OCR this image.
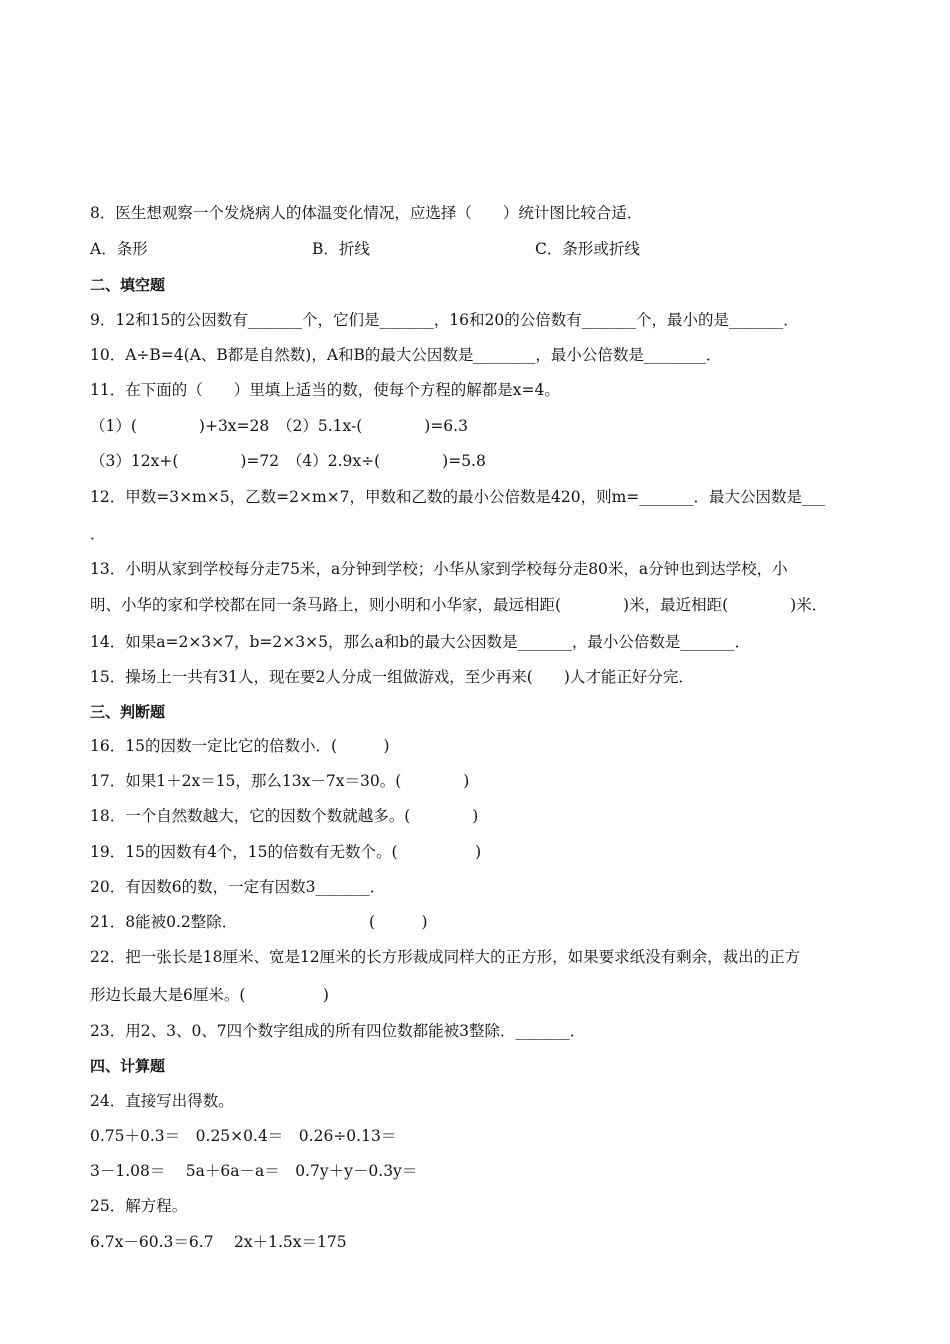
8．医生想观察一个发烧病人的体温变化情况，应选择（　　）统计图比较合适．
A．条形	B．折线	C．条形或折线
二、填空题
9．12和15的公因数有_______个，它们是_______，16和20的公倍数有_______个，最小的是_______．
10．A÷B=4(A、B都是自然数)，A和B的最大公因数是________，最小公倍数是________．
11．在下面的（　　）里填上适当的数，使每个方程的解都是x=4。
（1）(　　　　)+3x=28　（2）5.1x-(　　　　)=6.3
（3）12x+(　　　　)=72　（4）2.9x÷(　　　　)=5.8
12．甲数=3×m×5，乙数=2×m×7，甲数和乙数的最小公倍数是420，则m=_______．最大公因数是___
．
13．小明从家到学校每分走75米，a分钟到学校；小华从家到学校每分走80米，a分钟也到达学校，小
明、小华的家和学校都在同一条马路上，则小明和小华家，最远相距(　　　　)米，最近相距(　　　　)米．
14．如果a=2×3×7，b=2×3×5，那么a和b的最大公因数是_______，最小公倍数是_______．
15．操场上一共有31人，现在要2人分成一组做游戏，至少再来(　　)人才能正好分完．
三、判断题
16．15的因数一定比它的倍数小．(　　　)
17．如果1＋2x＝15，那么13x－7x＝30。(　　　　)
18．一个自然数越大，它的因数个数就越多。(　　　　)
19．15的因数有4个，15的倍数有无数个。(　　　　　)
20．有因数6的数，一定有因数3_______．
21．8能被0.2整除．　　　　　　　　　(　　　)
22．把一张长是18厘米、宽是12厘米的长方形裁成同样大的正方形，如果要求纸没有剩余，裁出的正方
形边长最大是6厘米。(　　　　　)
23．用2、3、0、7四个数字组成的所有四位数都能被3整除．_______．
四、计算题
24．直接写出得数。
0.75＋0.3＝　0.25×0.4＝　0.26÷0.13＝
3－1.08＝　 5a＋6a－a＝　0.7y＋y－0.3y＝
25．解方程。
6.7x－60.3＝6.7　 2x＋1.5x＝175
